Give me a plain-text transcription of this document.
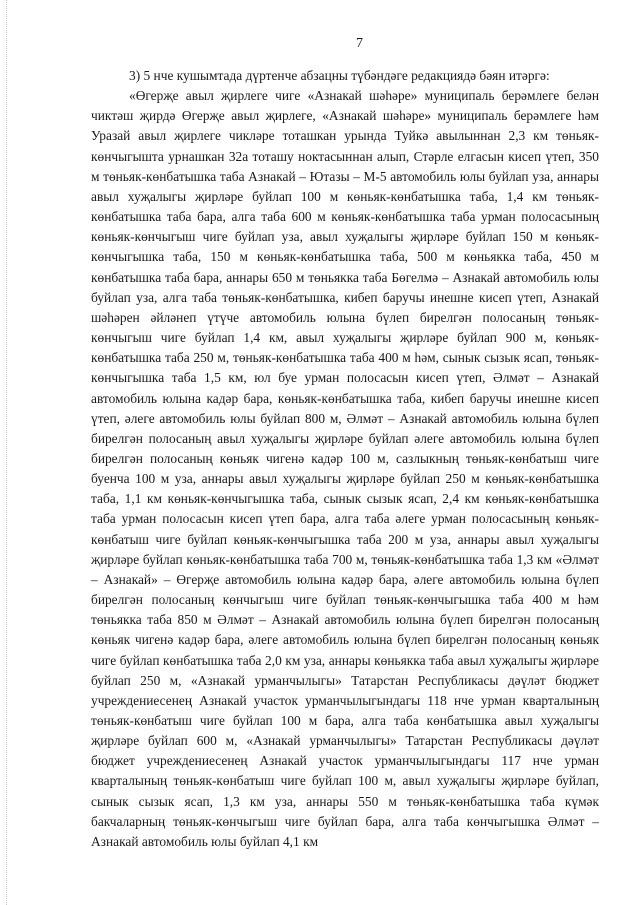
7

3) 5 нче кушымтада дүртенче абзацны түбәндәге редакциядә бәян итәргә:

«Өгерҗе авыл җирлеге чиге «Азнакай шәһәре» муниципаль берәмлеге белән чиктәш җирдә Өгерҗе авыл җирлеге, «Азнакай шәһәре» муниципаль берәмлеге һәм Уразай авыл җирлеге чикләре тоташкан урында Туйкә авылыннан 2,3 км төньяк-көнчыгышта урнашкан 32а тоташу ноктасыннан алып, Стәрле елгасын кисеп үтеп, 350 м төньяк-көнбатышка таба Азнакай – Ютазы – М-5 автомобиль юлы буйлап уза, аннары авыл хуҗалыгы җирләре буйлап 100 м көньяк-көнбатышка таба, 1,4 км төньяк-көнбатышка таба бара, алга таба 600 м көньяк-көнбатышка таба урман полосасының көньяк-көнчыгыш чиге буйлап уза, авыл хуҗалыгы җирләре буйлап 150 м көньяк-көнчыгышка таба, 150 м көньяк-көнбатышка таба, 500 м көньякка таба, 450 м көнбатышка таба бара, аннары 650 м төньякка таба Бөгелмә – Азнакай автомобиль юлы буйлап уза, алга таба төньяк-көнбатышка, кибеп баручы инешне кисеп үтеп, Азнакай шәһәрен әйләнеп үтүче автомобиль юлына бүлеп бирелгән полосаның төньяк-көнчыгыш чиге буйлап 1,4 км, авыл хуҗалыгы җирләре буйлап 900 м, көньяк-көнбатышка таба 250 м, төньяк-көнбатышка таба 400 м һәм, сынык сызык ясап, төньяк-көнчыгышка таба 1,5 км, юл буе урман полосасын кисеп үтеп, Әлмәт – Азнакай автомобиль юлына кадәр бара, көньяк-көнбатышка таба, кибеп баручы инешне кисеп үтеп, әлеге автомобиль юлы буйлап 800 м, Әлмәт – Азнакай автомобиль юлына бүлеп бирелгән полосаның авыл хуҗалыгы җирләре буйлап әлеге автомобиль юлына бүлеп бирелгән полосаның көньяк чигенә кадәр 100 м, сазлыкның төньяк-көнбатыш чиге буенча 100 м уза, аннары авыл хуҗалыгы җирләре буйлап 250 м көньяк-көнбатышка таба, 1,1 км көньяк-көнчыгышка таба, сынык сызык ясап, 2,4 км көньяк-көнбатышка таба урман полосасын кисеп үтеп бара, алга таба әлеге урман полосасының көньяк-көнбатыш чиге буйлап көньяк-көнчыгышка таба 200 м уза, аннары авыл хуҗалыгы җирләре буйлап көньяк-көнбатышка таба 700 м, төньяк-көнбатышка таба 1,3 км «Әлмәт – Азнакай» – Өгерҗе автомобиль юлына кадәр бара, әлеге автомобиль юлына бүлеп бирелгән полосаның көнчыгыш чиге буйлап төньяк-көнчыгышка таба 400 м һәм төньякка таба 850 м Әлмәт – Азнакай автомобиль юлына бүлеп бирелгән полосаның көньяк чигенә кадәр бара, әлеге автомобиль юлына бүлеп бирелгән полосаның көньяк чиге буйлап көнбатышка таба 2,0 км уза, аннары көньякка таба авыл хуҗалыгы җирләре буйлап 250 м, «Азнакай урманчылыгы» Татарстан Республикасы дәүләт бюджет учреждениесенең Азнакай участок урманчылыгындагы 118 нче урман кварталының төньяк-көнбатыш чиге буйлап 100 м бара, алга таба көнбатышка авыл хуҗалыгы җирләре буйлап 600 м, «Азнакай урманчылыгы» Татарстан Республикасы дәүләт бюджет учреждениесенең Азнакай участок урманчылыгындагы 117 нче урман кварталының төньяк-көнбатыш чиге буйлап 100 м, авыл хуҗалыгы җирләре буйлап, сынык сызык ясап, 1,3 км уза, аннары 550 м төньяк-көнбатышка таба күмәк бакчаларның төньяк-көнчыгыш чиге буйлап бара, алга таба көнчыгышка Әлмәт – Азнакай автомобиль юлы буйлап 4,1 км
